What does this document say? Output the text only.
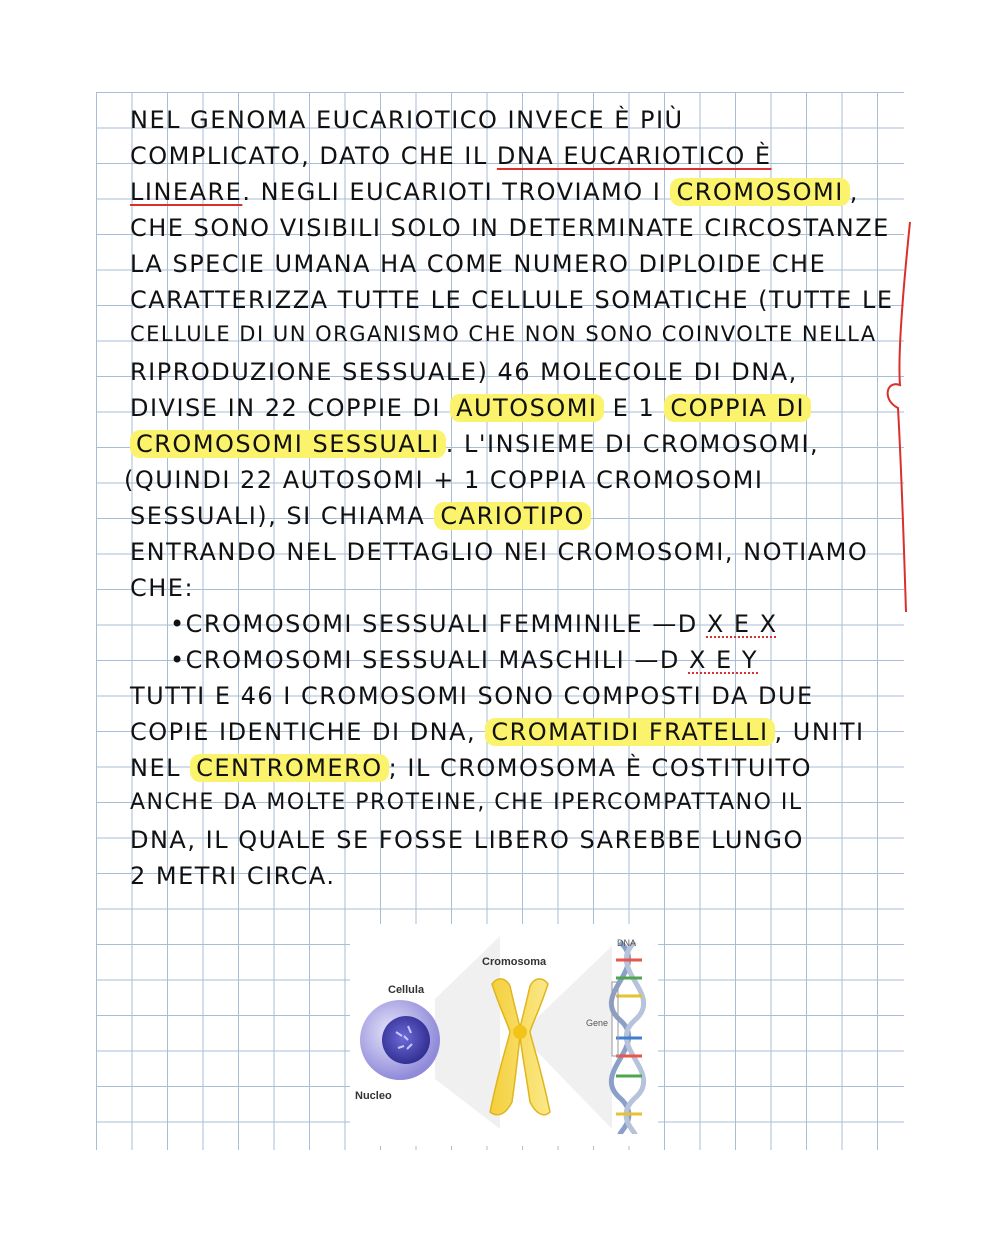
NEL GENOMA EUCARIOTICO INVECE È PIÙ
COMPLICATO, DATO CHE IL DNA EUCARIOTICO È
LINEARE. NEGLI EUCARIOTI TROVIAMO I CROMOSOMI ,
CHE SONO VISIBILI SOLO IN DETERMINATE CIRCOSTANZE
LA SPECIE UMANA HA COME NUMERO DIPLOIDE CHE
CARATTERIZZA TUTTE LE CELLULE SOMATICHE (TUTTE LE
CELLULE DI UN ORGANISMO CHE NON SONO COINVOLTE NELLA
RIPRODUZIONE SESSUALE) 46 MOLECOLE DI DNA,
DIVISE IN 22 COPPIE DI AUTOSOMI E 1 COPPIA DI
CROMOSOMI SESSUALI . L'INSIEME DI CROMOSOMI,
(QUINDI 22 AUTOSOMI + 1 COPPIA CROMOSOMI
SESSUALI), SI CHIAMA CARIOTIPO
ENTRANDO NEL DETTAGLIO NEI CROMOSOMI, NOTIAMO
CHE:
•CROMOSOMI SESSUALI FEMMINILE —D X E X
•CROMOSOMI SESSUALI MASCHILI —D X E Y
TUTTI E 46 I CROMOSOMI SONO COMPOSTI DA DUE
COPIE IDENTICHE DI DNA, CROMATIDI FRATELLI , UNITI
NEL CENTROMERO ; IL CROMOSOMA È COSTITUITO
ANCHE DA MOLTE PROTEINE, CHE IPERCOMPATTANO IL
DNA, IL QUALE SE FOSSE LIBERO SAREBBE LUNGO
2 METRI CIRCA.
Cellula
Cromosoma
DNA
Gene
Nucleo
